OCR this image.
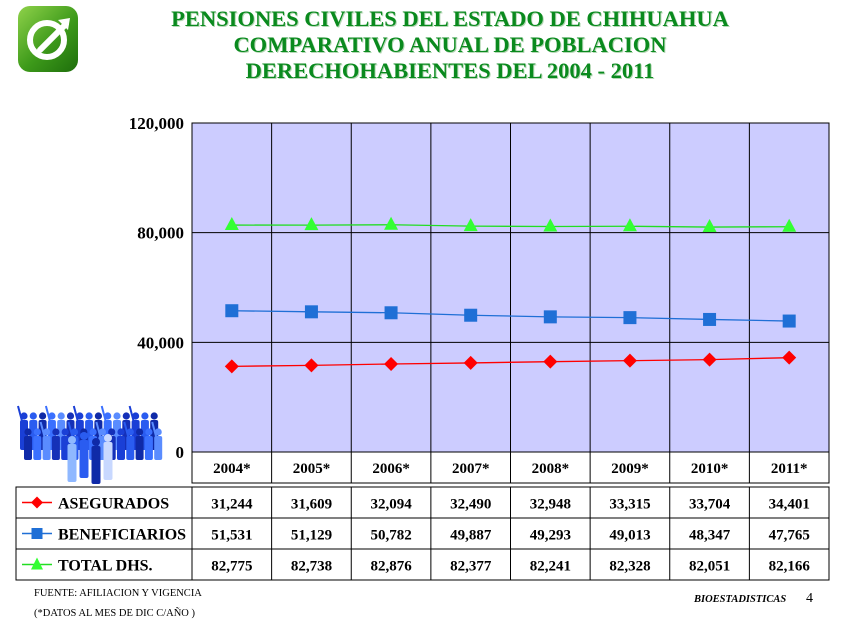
PENSIONES CIVILES DEL ESTADO DE CHIHUAHUA
COMPARATIVO ANUAL DE POBLACION
DERECHOHABIENTES DEL 2004 - 2011
0
40,000
80,000
120,000
2004*	2005*	2006*	2007*	2008*	2009*	2010*	2011*
ASEGURADOS	31,244	31,609	32,094	32,490	32,948	33,315	33,704	34,401
BENEFICIARIOS 51,531	51,129	50,782	49,887	49,293	49,013	48,347	47,765
TOTAL DHS.	82,775	82,738	82,876	82,377	82,241	82,328	82,051	82,166
FUENTE: AFILIACION Y VIGENCIA
(*DATOS AL MES DE DIC C/AÑO )
BIOESTADISTICAS 4
